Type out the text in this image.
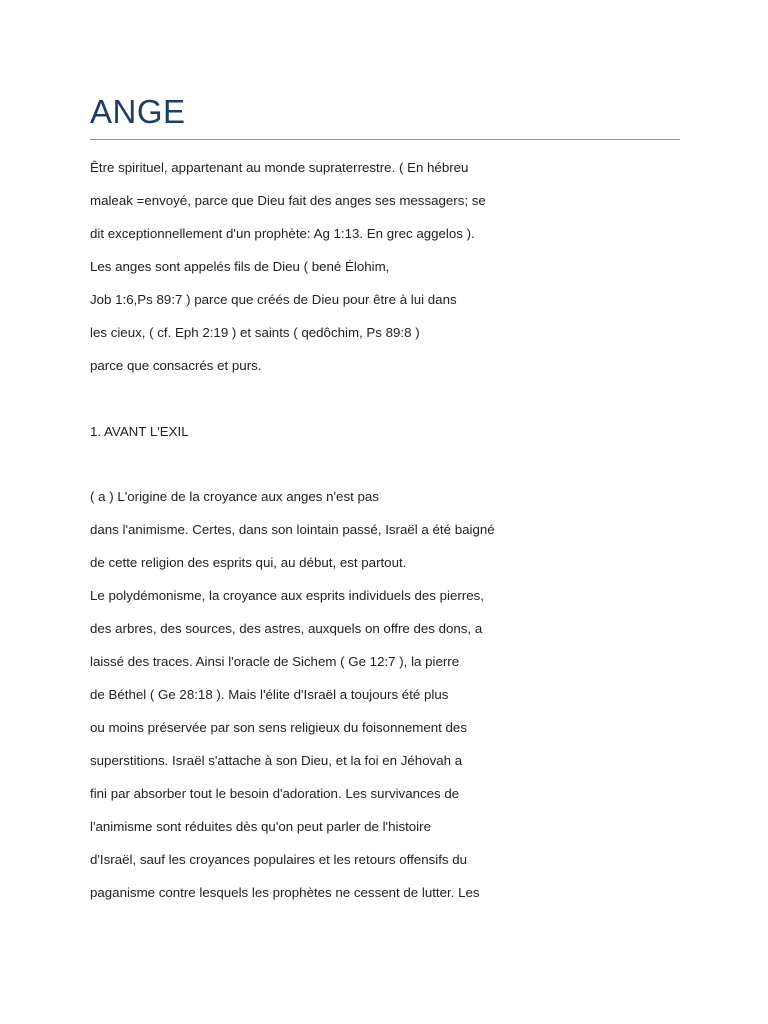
ANGE

Être spirituel, appartenant au monde supraterrestre. ( En hébreu

maleak =envoyé, parce que Dieu fait des anges ses messagers; se

dit exceptionnellement d'un prophète: Ag 1:13. En grec aggelos ).

Les anges sont appelés fils de Dieu ( bené Élohim,

Job 1:6,Ps 89:7 ) parce que créés de Dieu pour être à lui dans

les cieux, ( cf. Eph 2:19 ) et saints ( qedôchim, Ps 89:8 )

parce que consacrés et purs.

1. AVANT L'EXIL

( a ) L'origine de la croyance aux anges n'est pas

dans l'animisme. Certes, dans son lointain passé, Israël a été baigné

de cette religion des esprits qui, au début, est partout.

Le polydémonisme, la croyance aux esprits individuels des pierres,

des arbres, des sources, des astres, auxquels on offre des dons, a

laissé des traces. Ainsi l'oracle de Sichem ( Ge 12:7 ), la pierre

de Béthel ( Ge 28:18 ). Mais l'élite d'Israël a toujours été plus

ou moins préservée par son sens religieux du foisonnement des

superstitions. Israël s'attache à son Dieu, et la foi en Jéhovah a

fini par absorber tout le besoin d'adoration. Les survivances de

l'animisme sont réduites dès qu'on peut parler de l'histoire

d'Israël, sauf les croyances populaires et les retours offensifs du

paganisme contre lesquels les prophètes ne cessent de lutter. Les
